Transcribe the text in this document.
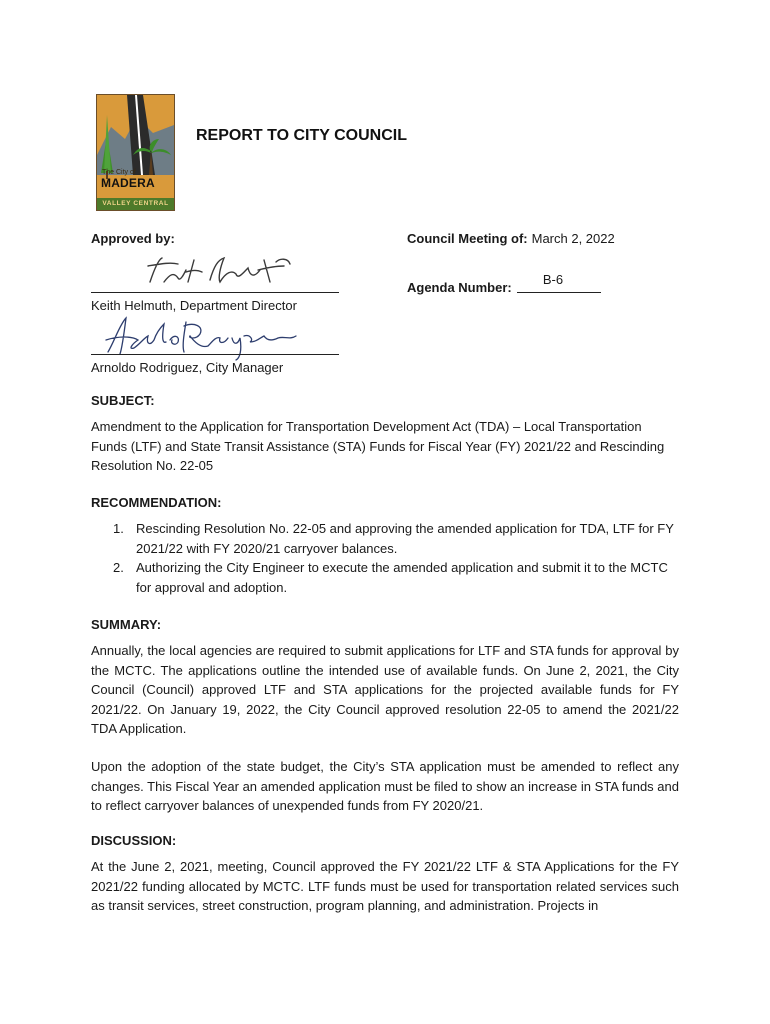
The City of
MADERA
VALLEY CENTRAL
REPORT TO CITY COUNCIL
Approved by:	Council Meeting of: March 2, 2022
Keith Helmuth, Department Director
Arnoldo Rodriguez, City Manager
Agenda Number:
B-6
SUBJECT:
Amendment to the Application for Transportation Development Act (TDA) – Local Transportation Funds (LTF) and State Transit Assistance (STA) Funds for Fiscal Year (FY) 2021/22 and Rescinding Resolution No. 22-05
RECOMMENDATION:
1. Rescinding Resolution No. 22-05 and approving the amended application for TDA, LTF for FY 2021/22 with FY 2020/21 carryover balances.
2. Authorizing the City Engineer to execute the amended application and submit it to the MCTC for approval and adoption.
SUMMARY:
Annually, the local agencies are required to submit applications for LTF and STA funds for approval by the MCTC. The applications outline the intended use of available funds. On June 2, 2021, the City Council (Council) approved LTF and STA applications for the projected available funds for FY 2021/22. On January 19, 2022, the City Council approved resolution 22-05 to amend the 2021/22 TDA Application.
Upon the adoption of the state budget, the City’s STA application must be amended to reflect any changes. This Fiscal Year an amended application must be filed to show an increase in STA funds and to reflect carryover balances of unexpended funds from FY 2020/21.
DISCUSSION:
At the June 2, 2021, meeting, Council approved the FY 2021/22 LTF & STA Applications for the FY 2021/22 funding allocated by MCTC. LTF funds must be used for transportation related services such as transit services, street construction, program planning, and administration. Projects in
